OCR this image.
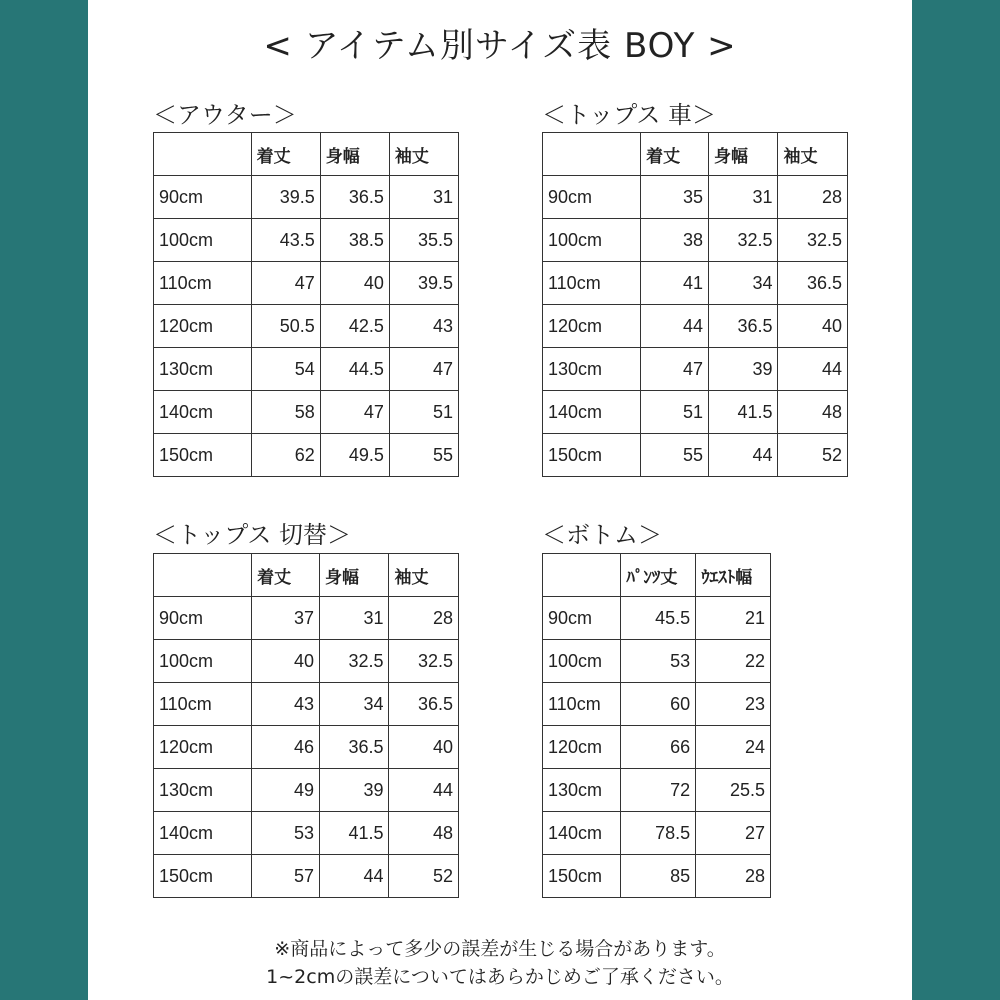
< アイテム別サイズ表 BOY >
＜アウター＞
	着丈	身幅	袖丈
90cm	39.5	36.5	31
100cm	43.5	38.5	35.5
110cm	47	40	39.5
120cm	50.5	42.5	43
130cm	54	44.5	47
140cm	58	47	51
150cm	62	49.5	55
＜トップス 車＞
	着丈	身幅	袖丈
90cm	35	31	28
100cm	38	32.5	32.5
110cm	41	34	36.5
120cm	44	36.5	40
130cm	47	39	44
140cm	51	41.5	48
150cm	55	44	52
＜トップス 切替＞
	着丈	身幅	袖丈
90cm	37	31	28
100cm	40	32.5	32.5
110cm	43	34	36.5
120cm	46	36.5	40
130cm	49	39	44
140cm	53	41.5	48
150cm	57	44	52
＜ボトム＞
	ﾊﾟﾝﾂ丈	ｳｴｽﾄ幅
90cm	45.5	21
100cm	53	22
110cm	60	23
120cm	66	24
130cm	72	25.5
140cm	78.5	27
150cm	85	28
※商品によって多少の誤差が生じる場合があります。
1~2cmの誤差についてはあらかじめご了承ください。
